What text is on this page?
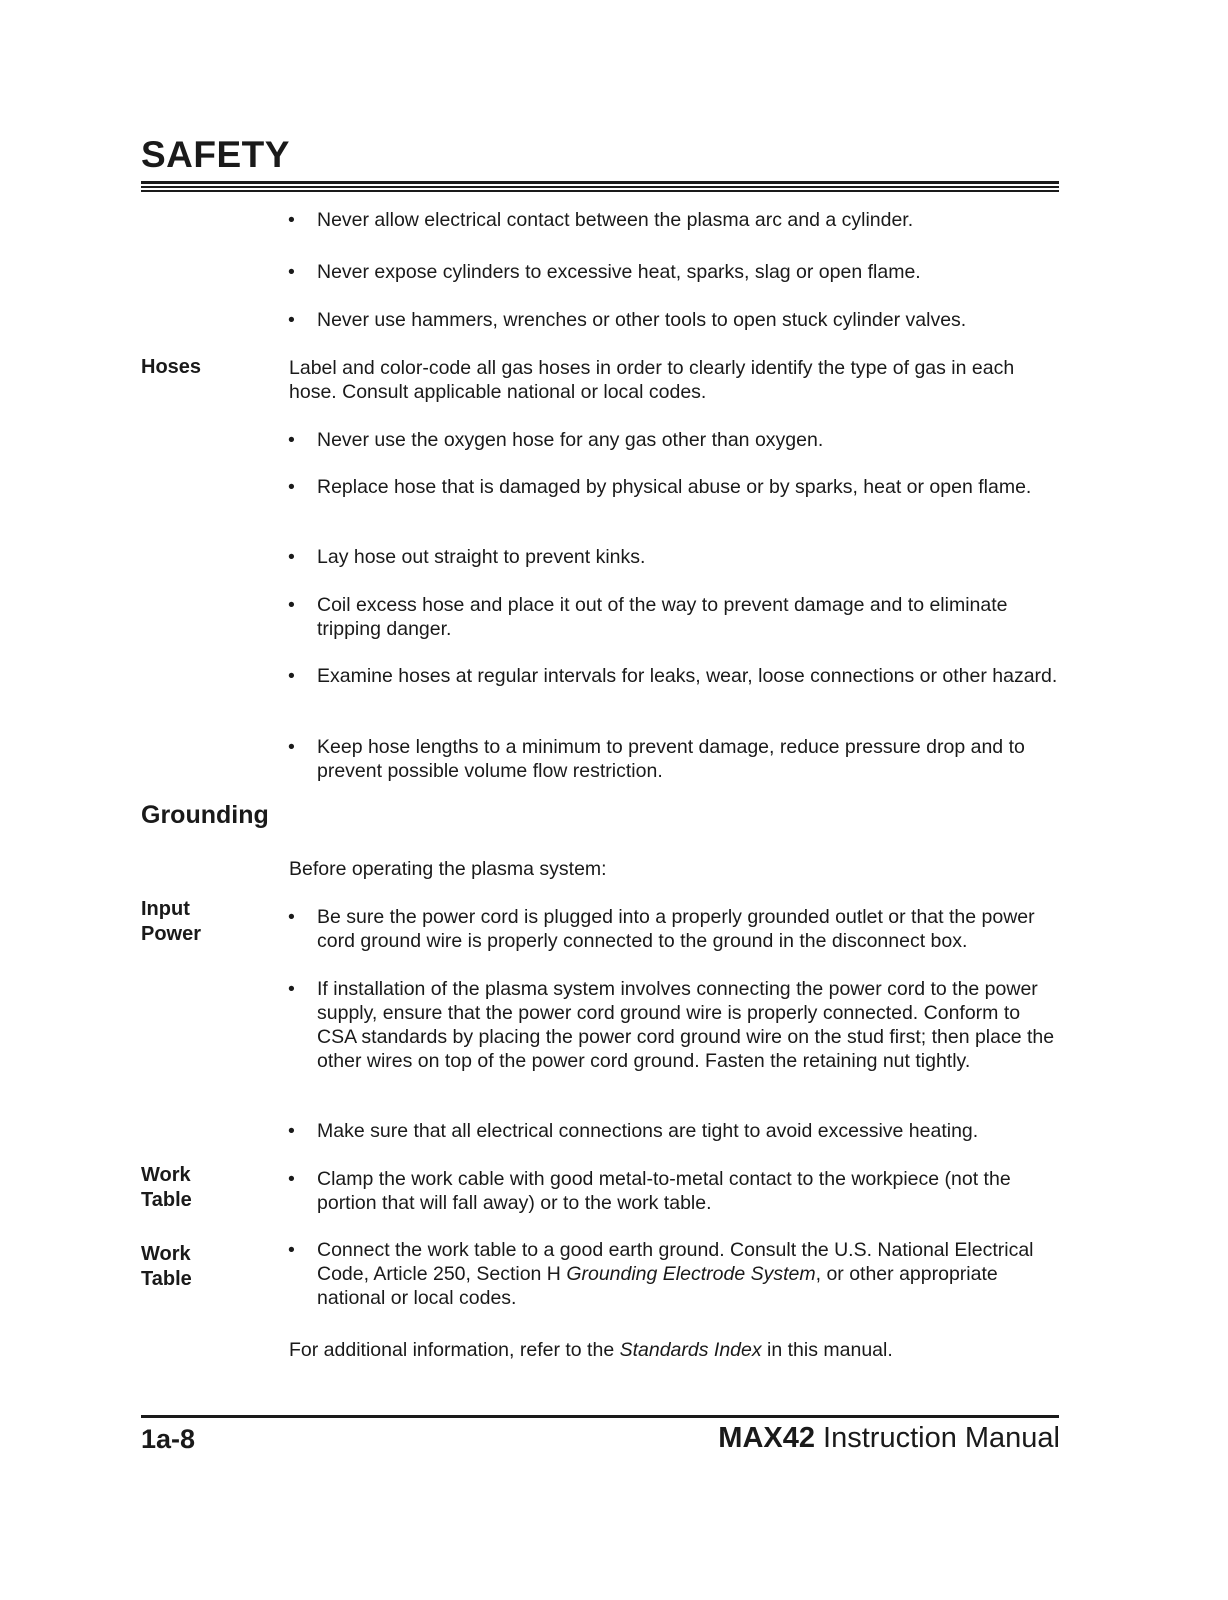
SAFETY
• Never allow electrical contact between the plasma arc and a cylinder.
• Never expose cylinders to excessive heat, sparks, slag or open flame.
• Never use hammers, wrenches or other tools to open stuck cylinder valves.
Hoses	Label and color-code all gas hoses in order to clearly identify the type of gas in each hose. Consult applicable national or local codes.
• Never use the oxygen hose for any gas other than oxygen.
• Replace hose that is damaged by physical abuse or by sparks, heat or open flame.
• Lay hose out straight to prevent kinks.
• Coil excess hose and place it out of the way to prevent damage and to eliminate tripping danger.
• Examine hoses at regular intervals for leaks, wear, loose connections or other hazard.
• Keep hose lengths to a minimum to prevent damage, reduce pressure drop and to prevent possible volume flow restriction.
Grounding
Before operating the plasma system:
Input
Power
• Be sure the power cord is plugged into a properly grounded outlet or that the power cord ground wire is properly connected to the ground in the disconnect box.
• If installation of the plasma system involves connecting the power cord to the power supply, ensure that the power cord ground wire is properly connected. Conform to CSA standards by placing the power cord ground wire on the stud first; then place the other wires on top of the power cord ground. Fasten the retaining nut tightly.
• Make sure that all electrical connections are tight to avoid excessive heating.
Work
Table
• Clamp the work cable with good metal-to-metal contact to the workpiece (not the portion that will fall away) or to the work table.
Work
Table
• Connect the work table to a good earth ground. Consult the U.S. National Electrical Code, Article 250, Section H Grounding Electrode System, or other appropriate national or local codes.
For additional information, refer to the Standards Index in this manual.
1a-8	MAX42 Instruction Manual
